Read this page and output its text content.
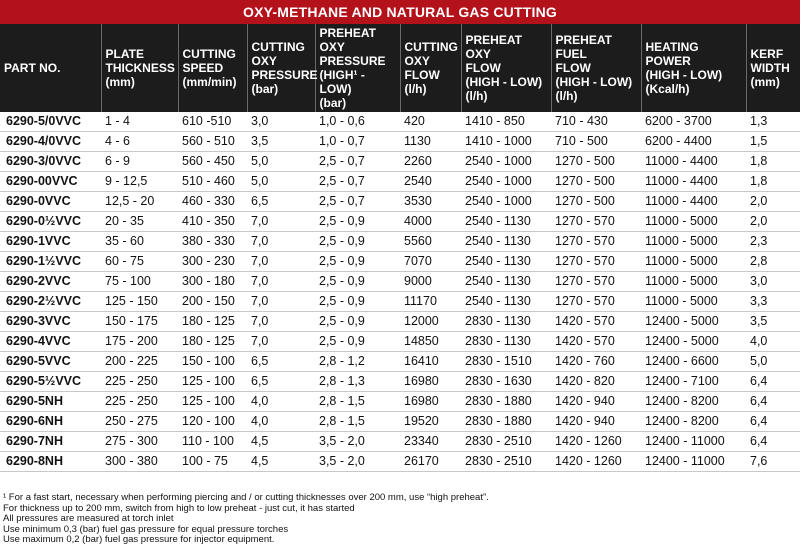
OXY-METHANE AND NATURAL GAS CUTTING
PART NO.	PLATE
THICKNESS
(mm)	CUTTING
SPEED
(mm/min)	CUTTING
OXY
PRESSURE
(bar)	PREHEAT OXY
PRESSURE
(HIGH¹ - LOW)
(bar)	CUTTING
OXY
FLOW
(l/h)	PREHEAT OXY
FLOW
(HIGH - LOW)
(l/h)	PREHEAT FUEL
FLOW
(HIGH - LOW)
(l/h)	HEATING POWER
(HIGH - LOW)
(Kcal/h)	KERF
WIDTH
(mm)
6290-5/0VVC	1 - 4	610 -510	3,0	1,0 - 0,6	420	1410 - 850	710 - 430	6200 - 3700	1,3
6290-4/0VVC	4 - 6	560 - 510	3,5	1,0 - 0,7	1130	1410 - 1000	710 - 500	6200 - 4400	1,5
6290-3/0VVC	6 - 9	560 - 450	5,0	2,5 - 0,7	2260	2540 - 1000	1270 - 500	11000 - 4400	1,8
6290-00VVC	9 - 12,5	510 - 460	5,0	2,5 - 0,7	2540	2540 - 1000	1270 - 500	11000 - 4400	1,8
6290-0VVC	12,5 - 20	460 - 330	6,5	2,5 - 0,7	3530	2540 - 1000	1270 - 500	11000 - 4400	2,0
6290-0½VVC	20 - 35	410 - 350	7,0	2,5 - 0,9	4000	2540 - 1130	1270 - 570	11000 - 5000	2,0
6290-1VVC	35 - 60	380 - 330	7,0	2,5 - 0,9	5560	2540 - 1130	1270 - 570	11000 - 5000	2,3
6290-1½VVC	60 - 75	300 - 230	7,0	2,5 - 0,9	7070	2540 - 1130	1270 - 570	11000 - 5000	2,8
6290-2VVC	75 - 100	300 - 180	7,0	2,5 - 0,9	9000	2540 - 1130	1270 - 570	11000 - 5000	3,0
6290-2½VVC	125 - 150	200 - 150	7,0	2,5 - 0,9	11170	2540 - 1130	1270 - 570	11000 - 5000	3,3
6290-3VVC	150 - 175	180 - 125	7,0	2,5 - 0,9	12000	2830 - 1130	1420 - 570	12400 - 5000	3,5
6290-4VVC	175 - 200	180 - 125	7,0	2,5 - 0,9	14850	2830 - 1130	1420 - 570	12400 - 5000	4,0
6290-5VVC	200 - 225	150 - 100	6,5	2,8 - 1,2	16410	2830 - 1510	1420 - 760	12400 - 6600	5,0
6290-5½VVC	225 - 250	125 - 100	6,5	2,8 - 1,3	16980	2830 - 1630	1420 - 820	12400 - 7100	6,4
6290-5NH	225 - 250	125 - 100	4,0	2,8 - 1,5	16980	2830 - 1880	1420 - 940	12400 - 8200	6,4
6290-6NH	250 - 275	120 - 100	4,0	2,8 - 1,5	19520	2830 - 1880	1420 - 940	12400 - 8200	6,4
6290-7NH	275 - 300	110 - 100	4,5	3,5 - 2,0	23340	2830 - 2510	1420 - 1260	12400 - 11000	6,4
6290-8NH	300 - 380	100 - 75	4,5	3,5 - 2,0	26170	2830 - 2510	1420 - 1260	12400 - 11000	7,6
¹ For a fast start, necessary when performing piercing and / or cutting thicknesses over 200 mm, use “high preheat”.
For thickness up to 200 mm, switch from high to low preheat - just cut, it has started
All pressures are measured at torch inlet
Use minimum 0,3 (bar) fuel gas pressure for equal pressure torches
Use maximum 0,2 (bar) fuel gas pressure for injector equipment.
